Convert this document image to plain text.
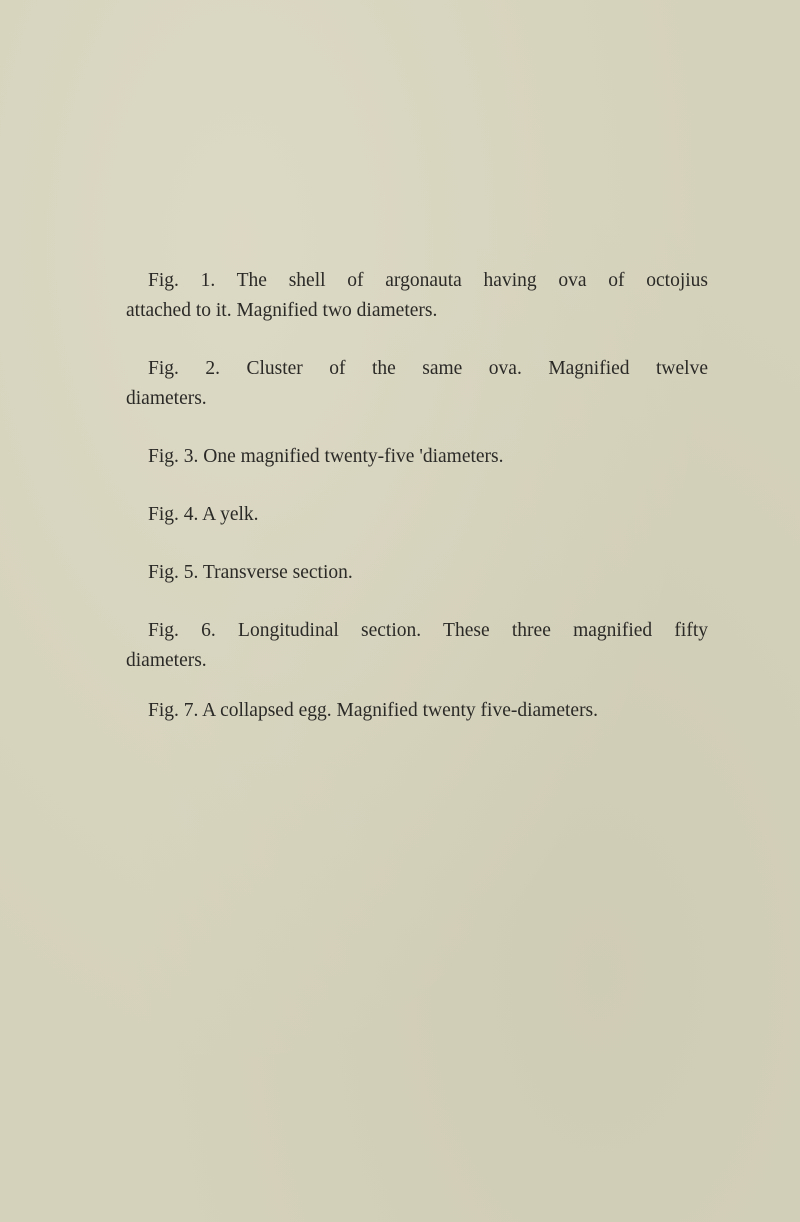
Fig. 1. The shell of argonauta having ova of octojius
attached to it. Magnified two diameters.

Fig. 2. Cluster of the same ova. Magnified twelve
diameters.

Fig. 3. One magnified twenty-five 'diameters.

Fig. 4. A yelk.

Fig. 5. Transverse section.

Fig. 6. Longitudinal section. These three magnified fifty
diameters.

Fig. 7. A collapsed egg. Magnified twenty five-diameters.
